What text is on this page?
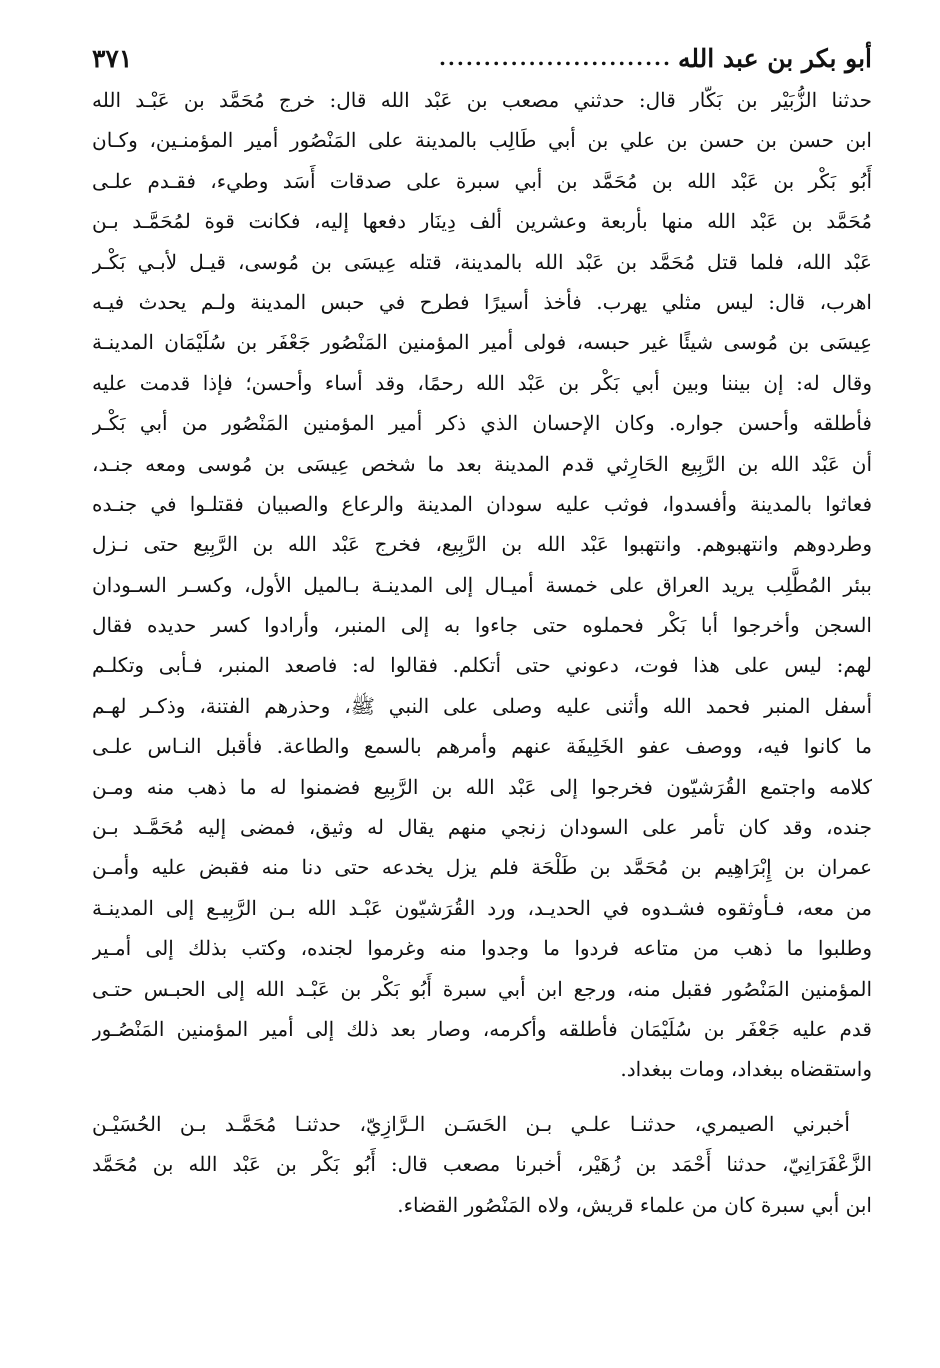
أبو بكر بن عبد الله
..........................
٣٧١
حدثنا الزُّبَيْر بن بَكّار قال: حدثني مصعب بن عَبْد الله قال: خرج مُحَمَّد بن عَبْـد الله
ابن حسن بن حسن بن علي بن أبي طَالِب بالمدينة على المَنْصُور أمير المؤمنـين، وكـان
أَبُو بَكْر بن عَبْد الله بن مُحَمَّد بن أبي سبرة على صدقات أَسَد وطيء، فقـدم علـى
مُحَمَّد بن عَبْد الله منها بأربعة وعشرين ألف دِينَار دفعها إليه، فكانت قوة لمُحَمَّـد بـن
عَبْد الله، فلما قتل مُحَمَّد بن عَبْد الله بالمدينة، قتله عِيسَى بن مُوسى، قيـل لأبـي بَكْـر
اهرب، قال: ليس مثلي يهرب. فأخذ أسيرًا فطرح في حبس المدينة ولـم يحدث فيـه
عِيسَى بن مُوسى شيئًا غير حبسه، فولى أمير المؤمنين المَنْصُور جَعْفَر بن سُلَيْمَان المدينـة
وقال له: إن بيننا وبين أبي بَكْر بن عَبْد الله رحمًا، وقد أساء وأحسن؛ فإذا قدمت عليه
فأطلقه وأحسن جواره. وكان الإحسان الذي ذكر أمير المؤمنين المَنْصُور من أبي بَكْـر
أن عَبْد الله بن الرَّبِيع الحَارِثي قدم المدينة بعد ما شخص عِيسَى بن مُوسى ومعه جنـد،
فعاثوا بالمدينة وأفسدوا، فوثب عليه سودان المدينة والرعاع والصبيان فقتلـوا في جنـده
وطردوهم وانتهبوهم. وانتهبوا عَبْد الله بن الرَّبِيع، فخرج عَبْد الله بن الرَّبِيع حتى نـزل
ببئر المُطَّلِب يريد العراق على خمسة أميـال إلى المدينـة بـالميل الأول، وكسـر السـودان
السجن وأخرجوا أبا بَكْر فحملوه حتى جاءوا به إلى المنبر، وأرادوا كسر حديده فقال
لهم: ليس على هذا فوت، دعوني حتى أتكلم. فقالوا له: فاصعد المنبر، فـأبى وتكلـم
أسفل المنبر فحمد الله وأثنى عليه وصلى على النبي ﷺ، وحذرهم الفتنة، وذكـر لهـم
ما كانوا فيه، ووصف عفو الخَلِيفَة عنهم وأمرهم بالسمع والطاعة. فأقبل النـاس علـى
كلامه واجتمع القُرَشيّون فخرجوا إلى عَبْد الله بن الرَّبِيع فضمنوا له ما ذهب منه ومـن
جنده، وقد كان تأمر على السودان زنجي منهم يقال له وثيق، فمضى إليه مُحَمَّـد بـن
عمران بن إِبْرَاهِيم بن مُحَمَّد بن طَلْحَة فلم يزل يخدعه حتى دنا منه فقبض عليه وأمـن
من معه، فـأوثقوه فشـدوه في الحديـد، ورد القُرَشيّون عَبْـد الله بـن الرَّبِيـع إلى المدينـة
وطلبوا ما ذهب من متاعه فردوا ما وجدوا منه وغرموا لجنده، وكتب بذلك إلى أمـير
المؤمنين المَنْصُور فقبل منه، ورجع ابن أبي سبرة أَبُو بَكْر بن عَبْـد الله إلى الحبـس حتـى
قدم عليه جَعْفَر بن سُلَيْمَان فأطلقه وأكرمه، وصار بعد ذلك إلى أمير المؤمنين المَنْصُـور
واستقضاه ببغداد، ومات ببغداد.
أخبرني الصيمري، حدثنـا علـي بـن الحَسَـن الـرَّازِيّ، حدثنـا مُحَمَّـد بـن الحُسَيْـن
الزَّعْفَرَانِيّ، حدثنا أَحْمَد بن زُهَيْر، أخبرنا مصعب قال: أَبُو بَكْر بن عَبْد الله بن مُحَمَّد
ابن أبي سبرة كان من علماء قريش، ولاه المَنْصُور القضاء.
